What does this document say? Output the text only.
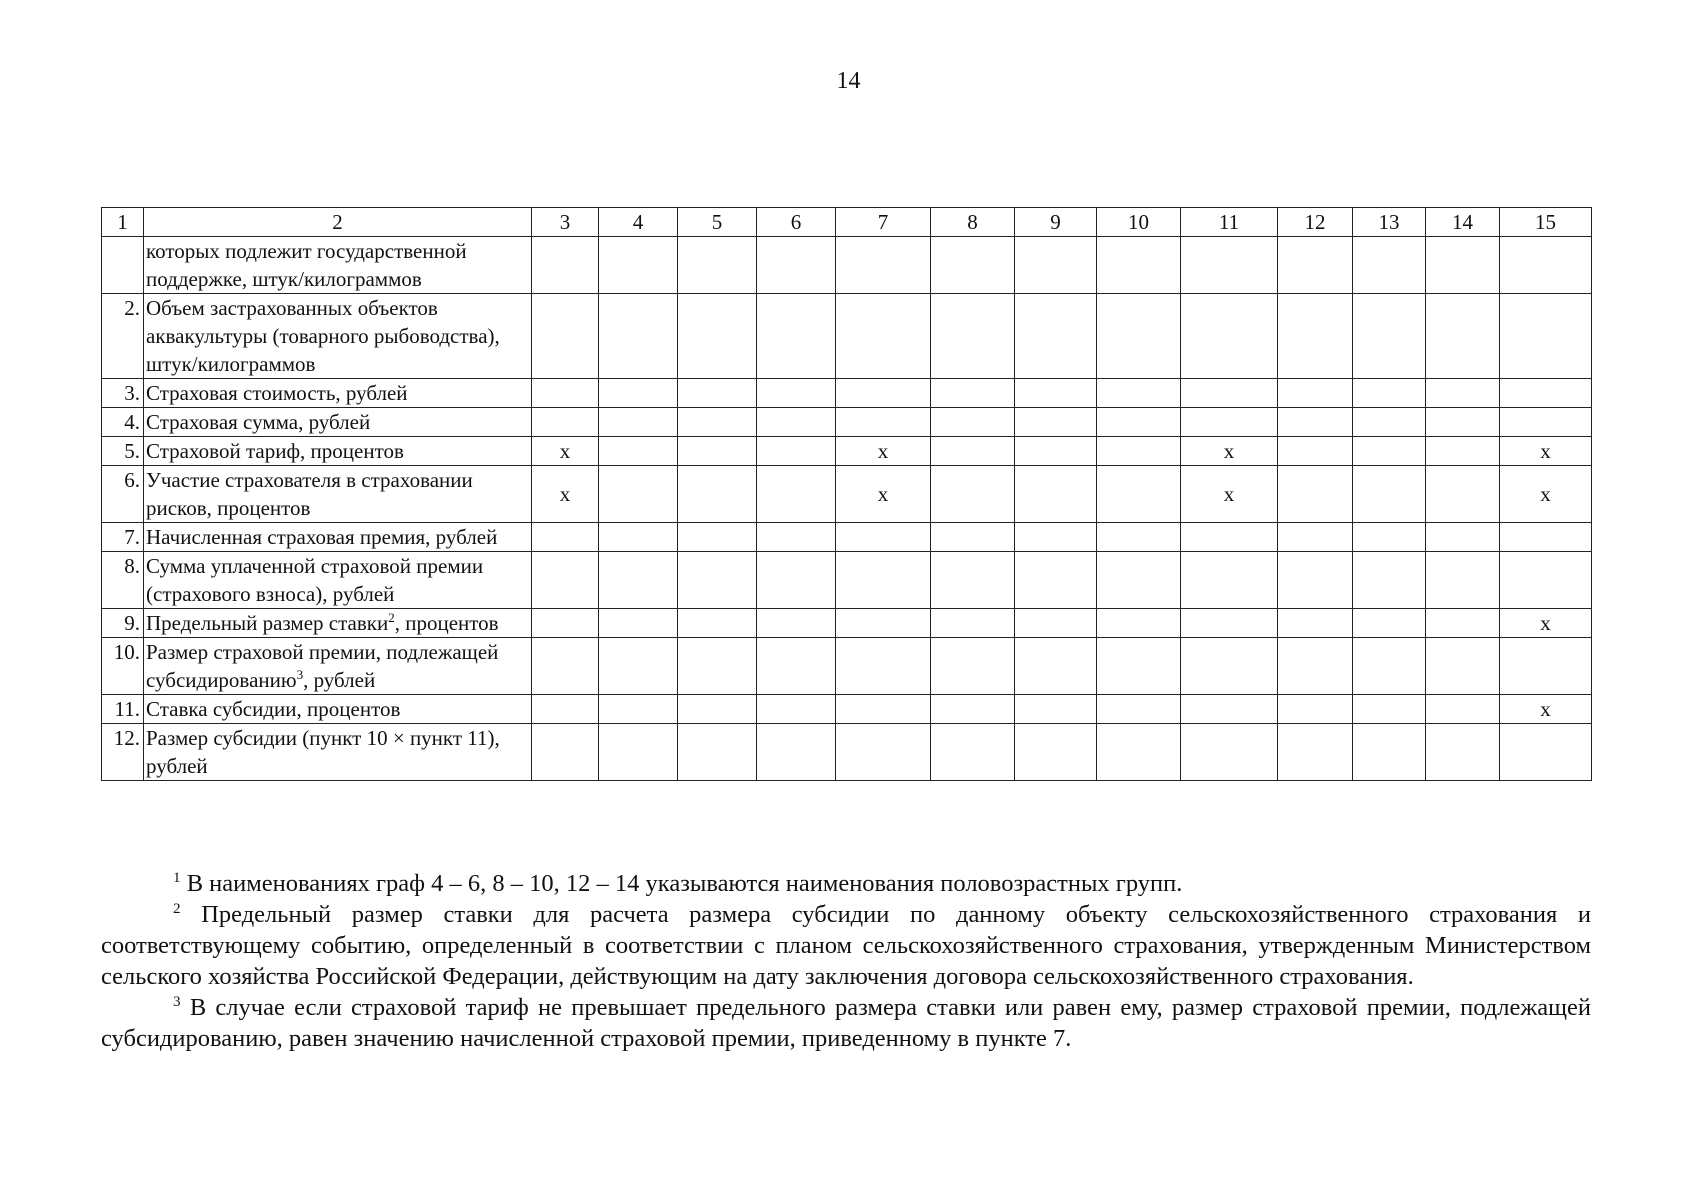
14
1	2	3	4	5	6	7	8	9	10	11	12	13	14	15
	которых подлежит государственной поддержке, штук/килограммов													
2.	Объем застрахованных объектов аквакультуры (товарного рыбоводства), штук/килограммов													
3.	Страховая стоимость, рублей													
4.	Страховая сумма, рублей													
5.	Страховой тариф, процентов	x				x				x				x
6.	Участие страхователя в страховании рисков, процентов	x				x				x				x
7.	Начисленная страховая премия, рублей													
8.	Сумма уплаченной страховой премии (страхового взноса), рублей													
9.	Предельный размер ставки$^2$, процентов													x
10.	Размер страховой премии, подлежащей субсидированию$^3$, рублей													
11.	Ставка субсидии, процентов													x
12.	Размер субсидии (пункт 10 × пункт 11), рублей													

$^1$ В наименованиях граф 4 – 6, 8 – 10, 12 – 14 указываются наименования половозрастных групп.

$^2$ Предельный размер ставки для расчета размера субсидии по данному объекту сельскохозяйственного страхования и соответствующему событию, определенный в соответствии с планом сельскохозяйственного страхования, утвержденным Министерством сельского хозяйства Российской Федерации, действующим на дату заключения договора сельскохозяйственного страхования.

$^3$ В случае если страховой тариф не превышает предельного размера ставки или равен ему, размер страховой премии, подлежащей субсидированию, равен значению начисленной страховой премии, приведенному в пункте 7.
